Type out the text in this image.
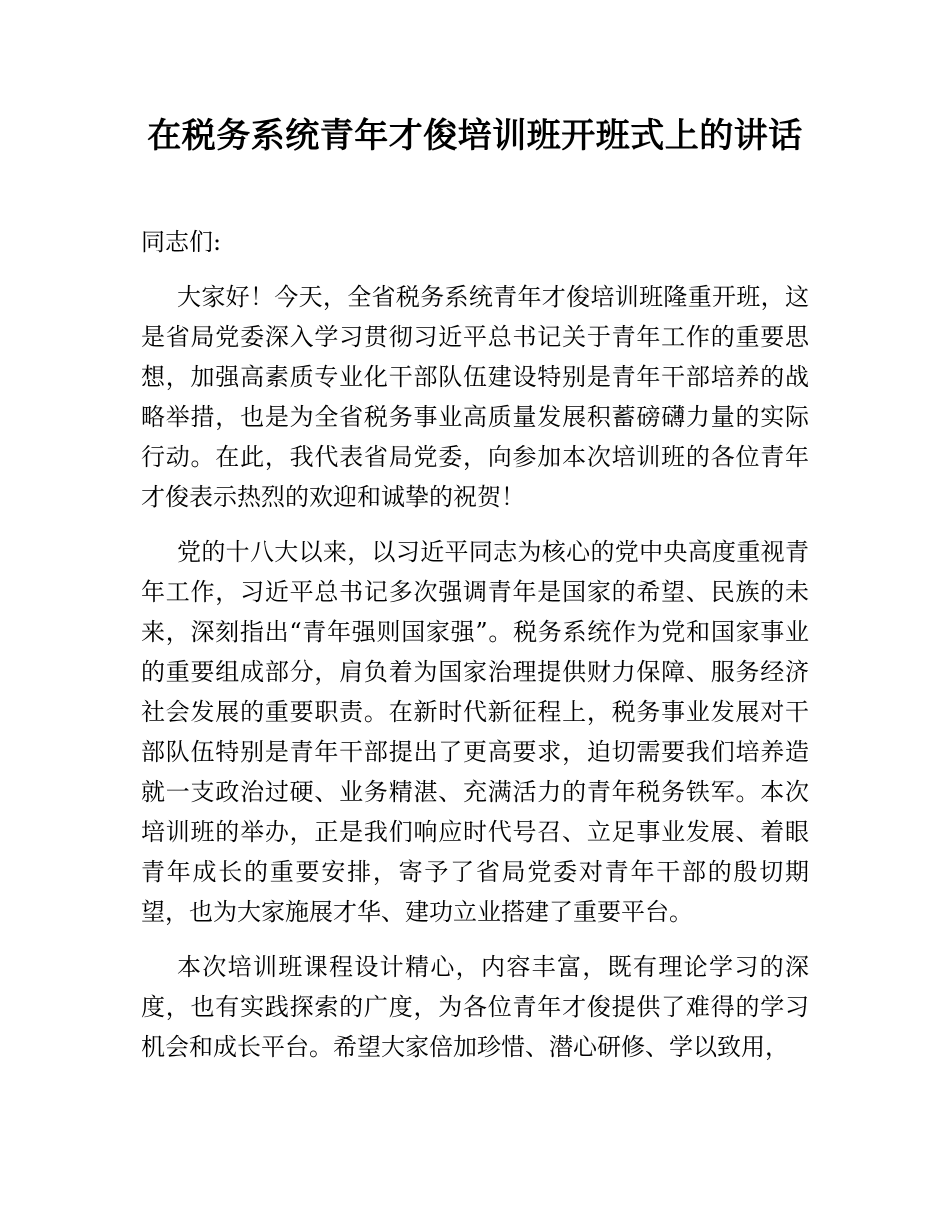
在税务系统青年才俊培训班开班式上的讲话

同志们:

大家好！今天，全省税务系统青年才俊培训班隆重开班，这是省局党委深入学习贯彻习近平总书记关于青年工作的重要思想，加强高素质专业化干部队伍建设特别是青年干部培养的战略举措，也是为全省税务事业高质量发展积蓄磅礴力量的实际行动。在此，我代表省局党委，向参加本次培训班的各位青年才俊表示热烈的欢迎和诚挚的祝贺！

党的十八大以来，以习近平同志为核心的党中央高度重视青年工作，习近平总书记多次强调青年是国家的希望、民族的未来，深刻指出“青年强则国家强”。税务系统作为党和国家事业的重要组成部分，肩负着为国家治理提供财力保障、服务经济社会发展的重要职责。在新时代新征程上，税务事业发展对干部队伍特别是青年干部提出了更高要求，迫切需要我们培养造就一支政治过硬、业务精湛、充满活力的青年税务铁军。本次培训班的举办，正是我们响应时代号召、立足事业发展、着眼青年成长的重要安排，寄予了省局党委对青年干部的殷切期望，也为大家施展才华、建功立业搭建了重要平台。

本次培训班课程设计精心，内容丰富，既有理论学习的深度，也有实践探索的广度，为各位青年才俊提供了难得的学习机会和成长平台。希望大家倍加珍惜、潜心研修、学以致用，
